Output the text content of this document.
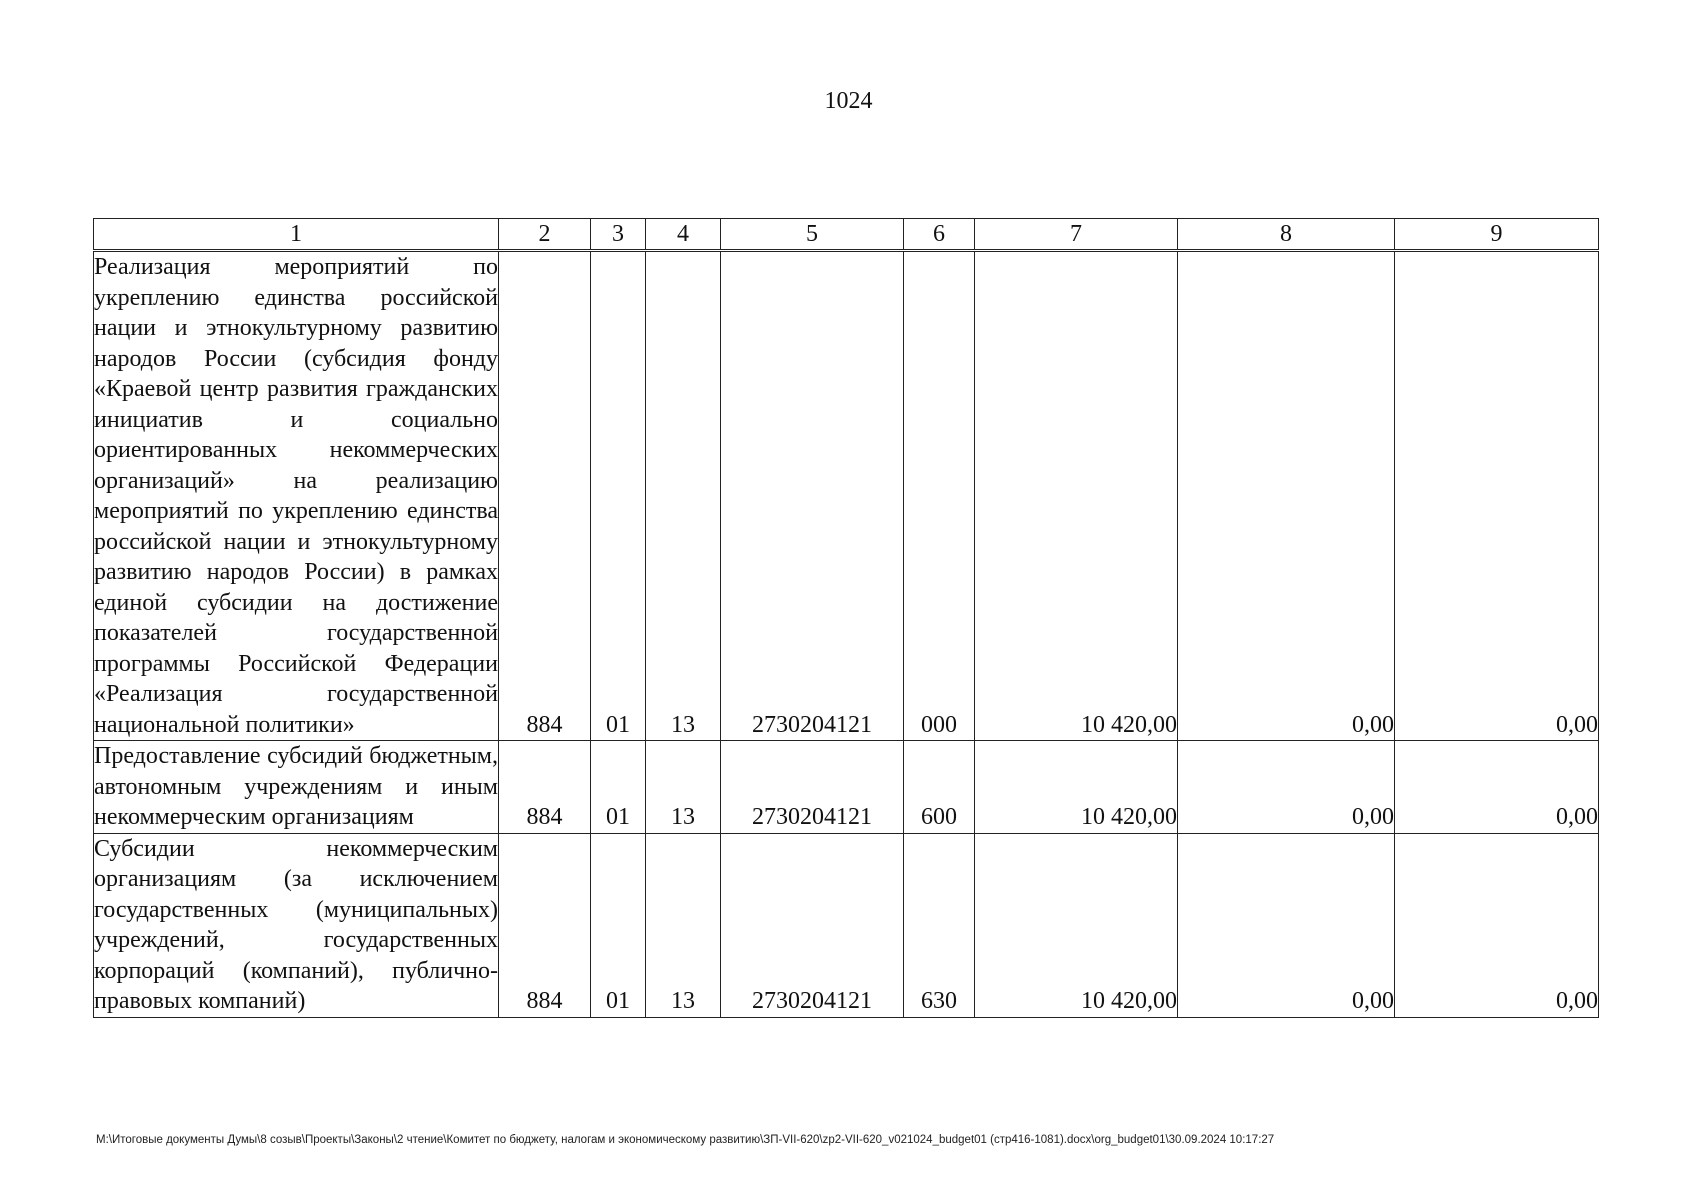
1024
1	2	3	4	5	6	7	8	9
Реализация мероприятий по укреплению единства российской нации и этнокультурному развитию народов России (субсидия фонду «Краевой центр развития гражданских инициатив и социально ориентированных некоммерческих организаций» на реализацию мероприятий по укреплению единства российской нации и этнокультурному развитию народов России) в рамках единой субсидии на достижение показателей государственной программы Российской Федерации «Реализация государственной национальной политики»	884	01	13	2730204121	000	10 420,00	0,00	0,00
Предоставление субсидий бюджетным, автономным учреждениям и иным некоммерческим организациям	884	01	13	2730204121	600	10 420,00	0,00	0,00
Субсидии некоммерческим организациям (за исключением государственных (муниципальных) учреждений, государственных корпораций (компаний), публично-правовых компаний)	884	01	13	2730204121	630	10 420,00	0,00	0,00
М:\Итоговые документы Думы\8 созыв\Проекты\Законы\2 чтение\Комитет по бюджету, налогам и экономическому развитию\ЗП-VII-620\zp2-VII-620_v021024_budget01 (стр416-1081).docx\org_budget01\30.09.2024 10:17:27
